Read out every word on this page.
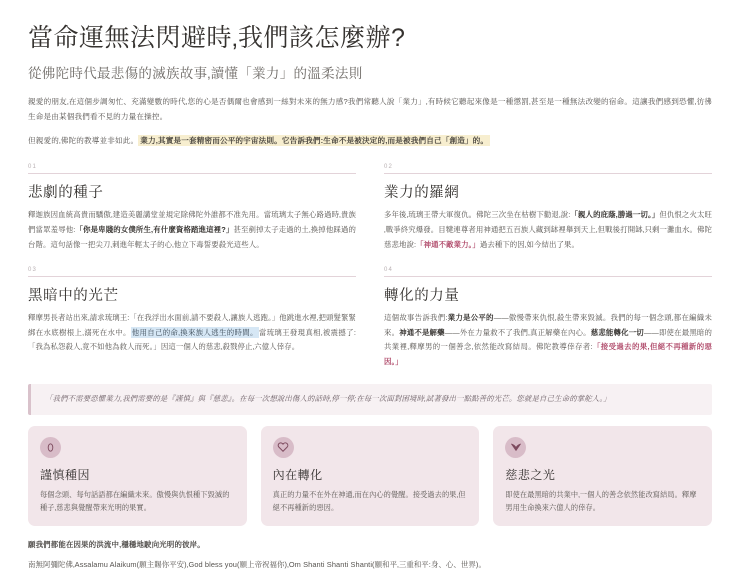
當命運無法閃避時‚我們該怎麼辦?
從佛陀時代最悲傷的滅族故事‚讀懂「業力」的溫柔法則

親愛的朋友‚在這個步調匆忙、充滿變數的時代‚您的心是否偶爾也會感到一絲對未來的無力感?我們常聽人說「業力」‚有時候它聽起來像是一種懲罰‚甚至是一種無法改變的宿命。這讓我們感到恐懼‚彷彿生命是由某個我們看不見的力量在操控。

但親愛的‚佛陀的教導並非如此。 業力‚其實是一套精密而公平的宇宙法則。它告訴我們:生命不是被決定的‚而是被我們自己「創造」的。

01
悲劇的種子

釋迦族因血統高貴而驕傲‚建造美麗講堂並規定除佛陀外誰都不准先用。當琉璃太子無心路過時‚貴族們當眾羞辱他:「你是卑賤的女僕所生‚有什麼資格踏進這裡?」甚至剷掉太子走過的土‚換掉他踩過的台階。這句話像一把尖刀‚刺進年輕太子的心‚他立下毒誓要殺光這些人。

02
業力的羅網

多年後‚琉璃王帶大軍復仇。佛陀三次坐在枯樹下勸退‚說:「親人的庇蔭‚勝過一切。」但仇恨之火太旺‚戰爭終究爆發。目犍連尊者用神通把五百族人藏到缽裡舉到天上‚但戰後打開缽‚只剩一灘血水。佛陀慈悲地說:「神通不敵業力。」過去種下的因‚如今結出了果。

03
黑暗中的光芒

釋摩男長者站出來‚請求琉璃王:「在我浮出水面前‚請不要殺人‚讓族人逃跑。」他跳進水裡‚把頭髮緊緊綁在水底樹根上‚溺死在水中。他用自己的命‚換來族人逃生的時間。當琉璃王發現真相‚被震撼了:「我為私怨殺人‚竟不如他為救人而死。」因這一個人的慈悲‚殺戮停止‚六億人倖存。

04
轉化的力量

這個故事告訴我們:業力是公平的——傲慢帶來仇恨‚殺生帶來毀滅。我們的每一個念頭‚都在編織未來。神通不是解藥——外在力量救不了我們‚真正解藥在內心。慈悲能轉化一切——即使在最黑暗的共業裡‚釋摩男的一個善念‚依然能改寫結局。佛陀教導倖存者:「接受過去的果‚但絕不再種新的惡因。」

「我們不需要恐懼業力‚我們需要的是『謹慎』與『慈悲』。在每一次想說出傷人的話時‚停一停;在每一次面對困境時‚試著發出一點點善的光芒。您就是自己生命的掌舵人。」
謹慎種因
每個念頭、每句話語都在編織未來。傲慢與仇恨種下毀滅的種子‚慈悲與覺醒帶來光明的果實。
內在轉化
真正的力量不在外在神通‚而在內心的覺醒。接受過去的果‚但絕不再種新的惡因。
慈悲之光
即使在最黑暗的共業中‚一個人的善念依然能改寫結局。釋摩男用生命換來六億人的倖存。
願我們都能在因果的洪流中‚穩穩地駛向光明的彼岸。
南無阿彌陀佛‚Assalamu Alaikum(願主賜你平安)‚God bless you(願上帝祝福你)‚Om Shanti Shanti Shanti(願和平‚三重和平:身、心、世界)。
